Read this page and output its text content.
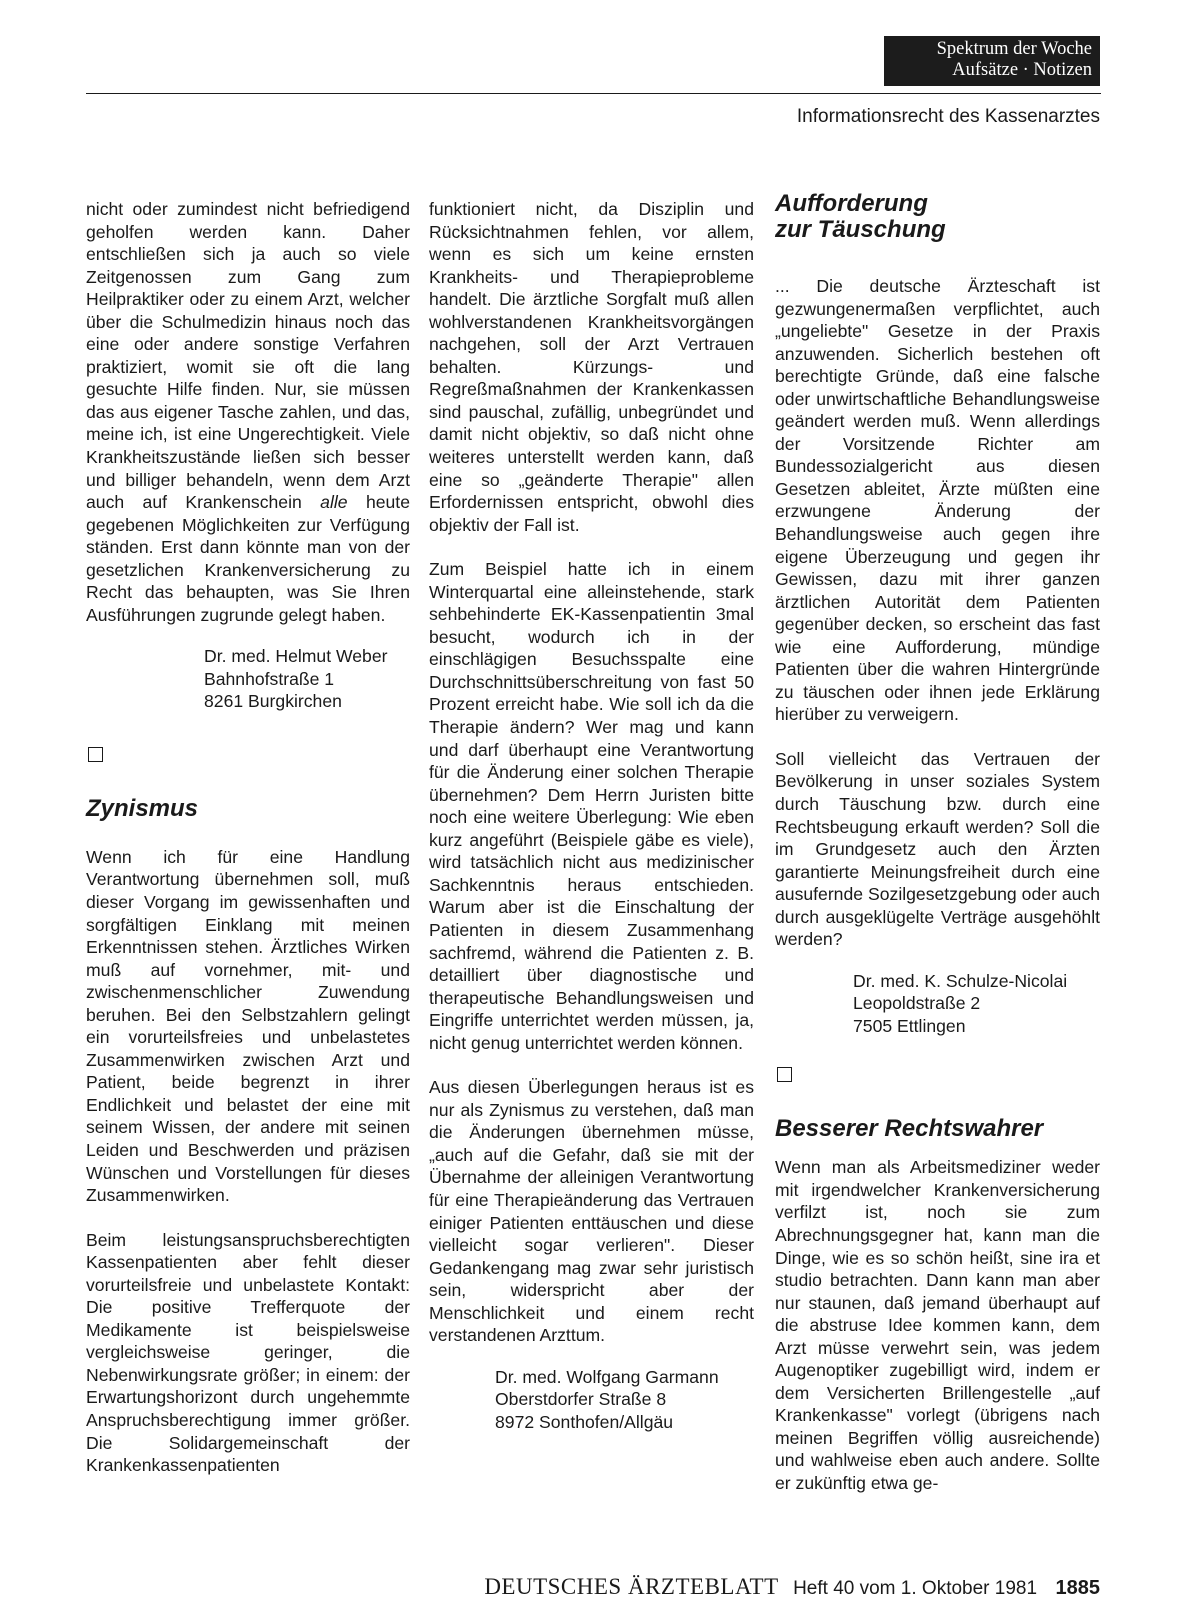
Spektrum der Woche
Aufsätze · Notizen
Informationsrecht des Kassenarztes

nicht oder zumindest nicht befriedigend geholfen werden kann. Daher entschließen sich ja auch so viele Zeitgenossen zum Gang zum Heilpraktiker oder zu einem Arzt, welcher über die Schulmedizin hinaus noch das eine oder andere sonstige Verfahren praktiziert, womit sie oft die lang gesuchte Hilfe finden. Nur, sie müssen das aus eigener Tasche zahlen, und das, meine ich, ist eine Ungerechtigkeit. Viele Krankheitszustände ließen sich besser und billiger behandeln, wenn dem Arzt auch auf Krankenschein alle heute gegebenen Möglichkeiten zur Verfügung ständen. Erst dann könnte man von der gesetzlichen Krankenversicherung zu Recht das behaupten, was Sie Ihren Ausführungen zugrunde gelegt haben.

Dr. med. Helmut Weber
Bahnhofstraße 1
8261 Burgkirchen
Zynismus

Wenn ich für eine Handlung Verantwortung übernehmen soll, muß dieser Vorgang im gewissenhaften und sorgfältigen Einklang mit meinen Erkenntnissen stehen. Ärztliches Wirken muß auf vornehmer, mit- und zwischenmenschlicher Zuwendung beruhen. Bei den Selbstzahlern gelingt ein vorurteilsfreies und unbelastetes Zusammenwirken zwischen Arzt und Patient, beide begrenzt in ihrer Endlichkeit und belastet der eine mit seinem Wissen, der andere mit seinen Leiden und Beschwerden und präzisen Wünschen und Vorstellungen für dieses Zusammenwirken.

Beim leistungsanspruchsberechtigten Kassenpatienten aber fehlt dieser vorurteilsfreie und unbelastete Kontakt: Die positive Trefferquote der Medikamente ist beispielsweise vergleichsweise geringer, die Nebenwirkungsrate größer; in einem: der Erwartungshorizont durch ungehemmte Anspruchsberechtigung immer größer. Die Solidargemeinschaft der Krankenkassenpatienten

funktioniert nicht, da Disziplin und Rücksichtnahmen fehlen, vor allem, wenn es sich um keine ernsten Krankheits- und Therapieprobleme handelt. Die ärztliche Sorgfalt muß allen wohlverstandenen Krankheitsvorgängen nachgehen, soll der Arzt Vertrauen behalten. Kürzungs- und Regreßmaßnahmen der Krankenkassen sind pauschal, zufällig, unbegründet und damit nicht objektiv, so daß nicht ohne weiteres unterstellt werden kann, daß eine so „geänderte Therapie" allen Erfordernissen entspricht, obwohl dies objektiv der Fall ist.

Zum Beispiel hatte ich in einem Winterquartal eine alleinstehende, stark sehbehinderte EK-Kassenpatientin 3mal besucht, wodurch ich in der einschlägigen Besuchsspalte eine Durchschnittsüberschreitung von fast 50 Prozent erreicht habe. Wie soll ich da die Therapie ändern? Wer mag und kann und darf überhaupt eine Verantwortung für die Änderung einer solchen Therapie übernehmen? Dem Herrn Juristen bitte noch eine weitere Überlegung: Wie eben kurz angeführt (Beispiele gäbe es viele), wird tatsächlich nicht aus medizinischer Sachkenntnis heraus entschieden. Warum aber ist die Einschaltung der Patienten in diesem Zusammenhang sachfremd, während die Patienten z. B. detailliert über diagnostische und therapeutische Behandlungsweisen und Eingriffe unterrichtet werden müssen, ja, nicht genug unterrichtet werden können.

Aus diesen Überlegungen heraus ist es nur als Zynismus zu verstehen, daß man die Änderungen übernehmen müsse, „auch auf die Gefahr, daß sie mit der Übernahme der alleinigen Verantwortung für eine Therapieänderung das Vertrauen einiger Patienten enttäuschen und diese vielleicht sogar verlieren". Dieser Gedankengang mag zwar sehr juristisch sein, widerspricht aber der Menschlichkeit und einem recht verstandenen Arzttum.

Dr. med. Wolfgang Garmann
Oberstdorfer Straße 8
8972 Sonthofen/Allgäu
Aufforderung
zur Täuschung

... Die deutsche Ärzteschaft ist gezwungenermaßen verpflichtet, auch „ungeliebte" Gesetze in der Praxis anzuwenden. Sicherlich bestehen oft berechtigte Gründe, daß eine falsche oder unwirtschaftliche Behandlungsweise geändert werden muß. Wenn allerdings der Vorsitzende Richter am Bundessozialgericht aus diesen Gesetzen ableitet, Ärzte müßten eine erzwungene Änderung der Behandlungsweise auch gegen ihre eigene Überzeugung und gegen ihr Gewissen, dazu mit ihrer ganzen ärztlichen Autorität dem Patienten gegenüber decken, so erscheint das fast wie eine Aufforderung, mündige Patienten über die wahren Hintergründe zu täuschen oder ihnen jede Erklärung hierüber zu verweigern.

Soll vielleicht das Vertrauen der Bevölkerung in unser soziales System durch Täuschung bzw. durch eine Rechtsbeugung erkauft werden? Soll die im Grundgesetz auch den Ärzten garantierte Meinungsfreiheit durch eine ausufernde Sozilgesetzgebung oder auch durch ausgeklügelte Verträge ausgehöhlt werden?

Dr. med. K. Schulze-Nicolai
Leopoldstraße 2
7505 Ettlingen
Besserer Rechtswahrer

Wenn man als Arbeitsmediziner weder mit irgendwelcher Krankenversicherung verfilzt ist, noch sie zum Abrechnungsgegner hat, kann man die Dinge, wie es so schön heißt, sine ira et studio betrachten. Dann kann man aber nur staunen, daß jemand überhaupt auf die abstruse Idee kommen kann, dem Arzt müsse verwehrt sein, was jedem Augenoptiker zugebilligt wird, indem er dem Versicherten Brillengestelle „auf Krankenkasse" vorlegt (übrigens nach meinen Begriffen völlig ausreichende) und wahlweise eben auch andere. Sollte er zukünftig etwa ge-

DEUTSCHES ÄRZTEBLATT Heft 40 vom 1. Oktober 1981 1885
